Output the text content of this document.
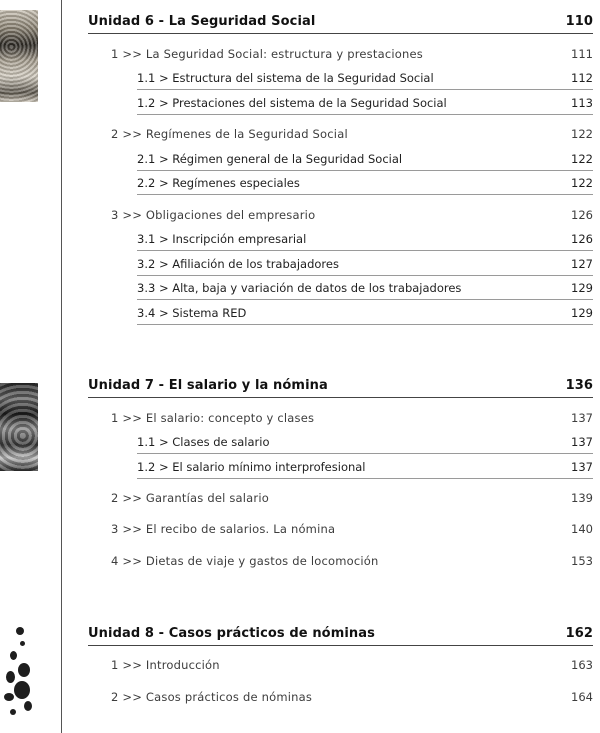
Unidad 6 - La Seguridad Social	110
1 >> La Seguridad Social: estructura y prestaciones	111
1.1 > Estructura del sistema de la Seguridad Social	112
1.2 > Prestaciones del sistema de la Seguridad Social	113
2 >> Regímenes de la Seguridad Social	122
2.1 > Régimen general de la Seguridad Social	122
2.2 > Regímenes especiales	122
3 >> Obligaciones del empresario	126
3.1 > Inscripción empresarial	126
3.2 > Afiliación de los trabajadores	127
3.3 > Alta, baja y variación de datos de los trabajadores	129
3.4 > Sistema RED	129
Unidad 7 - El salario y la nómina	136
1 >> El salario: concepto y clases	137
1.1 > Clases de salario	137
1.2 > El salario mínimo interprofesional	137
2 >> Garantías del salario	139
3 >> El recibo de salarios. La nómina	140
4 >> Dietas de viaje y gastos de locomoción	153
Unidad 8 - Casos prácticos de nóminas	162
1 >> Introducción	163
2 >> Casos prácticos de nóminas	164
